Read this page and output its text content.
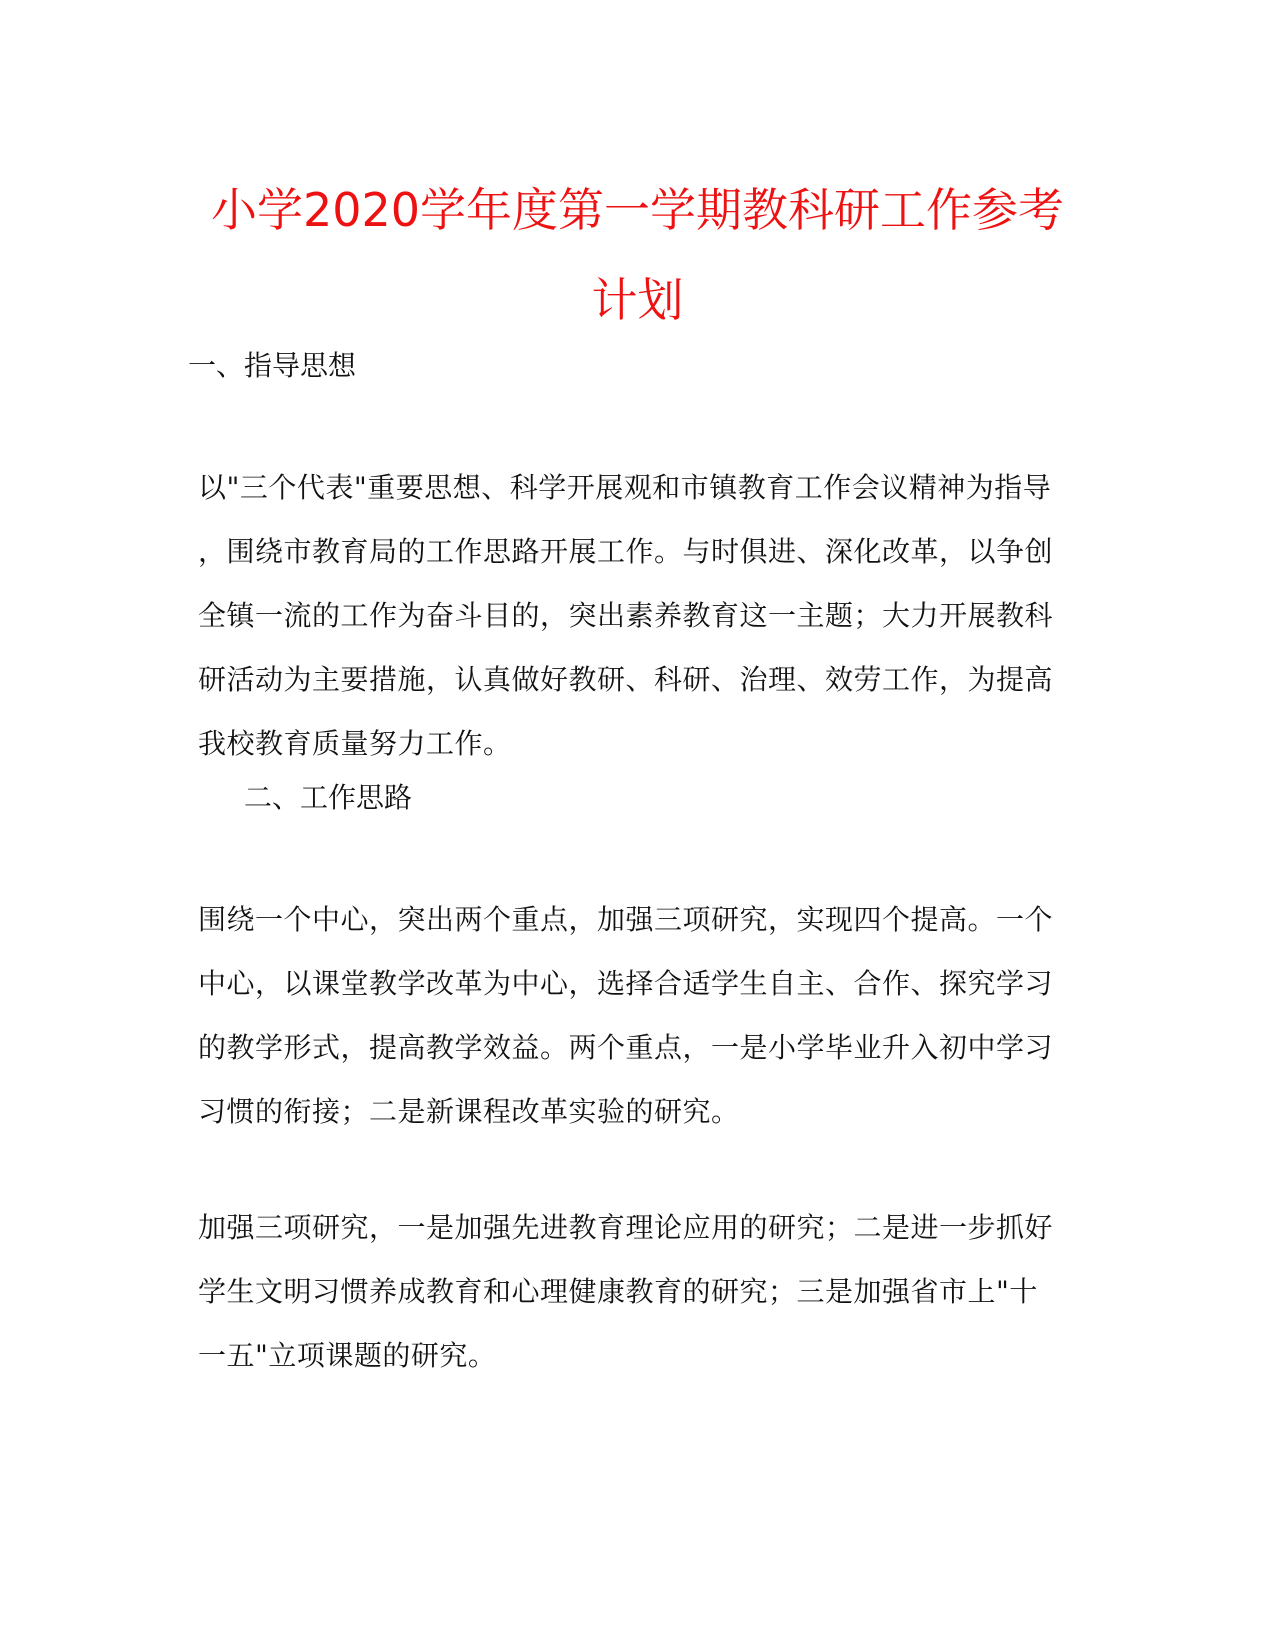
小学2020学年度第一学期教科研工作参考
计划
一、指导思想
以"三个代表"重要思想、科学开展观和市镇教育工作会议精神为指导
，围绕市教育局的工作思路开展工作。与时俱进、深化改革，以争创
全镇一流的工作为奋斗目的，突出素养教育这一主题；大力开展教科
研活动为主要措施，认真做好教研、科研、治理、效劳工作，为提高
我校教育质量努力工作。
二、工作思路
围绕一个中心，突出两个重点，加强三项研究，实现四个提高。一个
中心，以课堂教学改革为中心，选择合适学生自主、合作、探究学习
的教学形式，提高教学效益。两个重点，一是小学毕业升入初中学习
习惯的衔接；二是新课程改革实验的研究。
加强三项研究，一是加强先进教育理论应用的研究；二是进一步抓好
学生文明习惯养成教育和心理健康教育的研究；三是加强省市上"十
一五"立项课题的研究。
